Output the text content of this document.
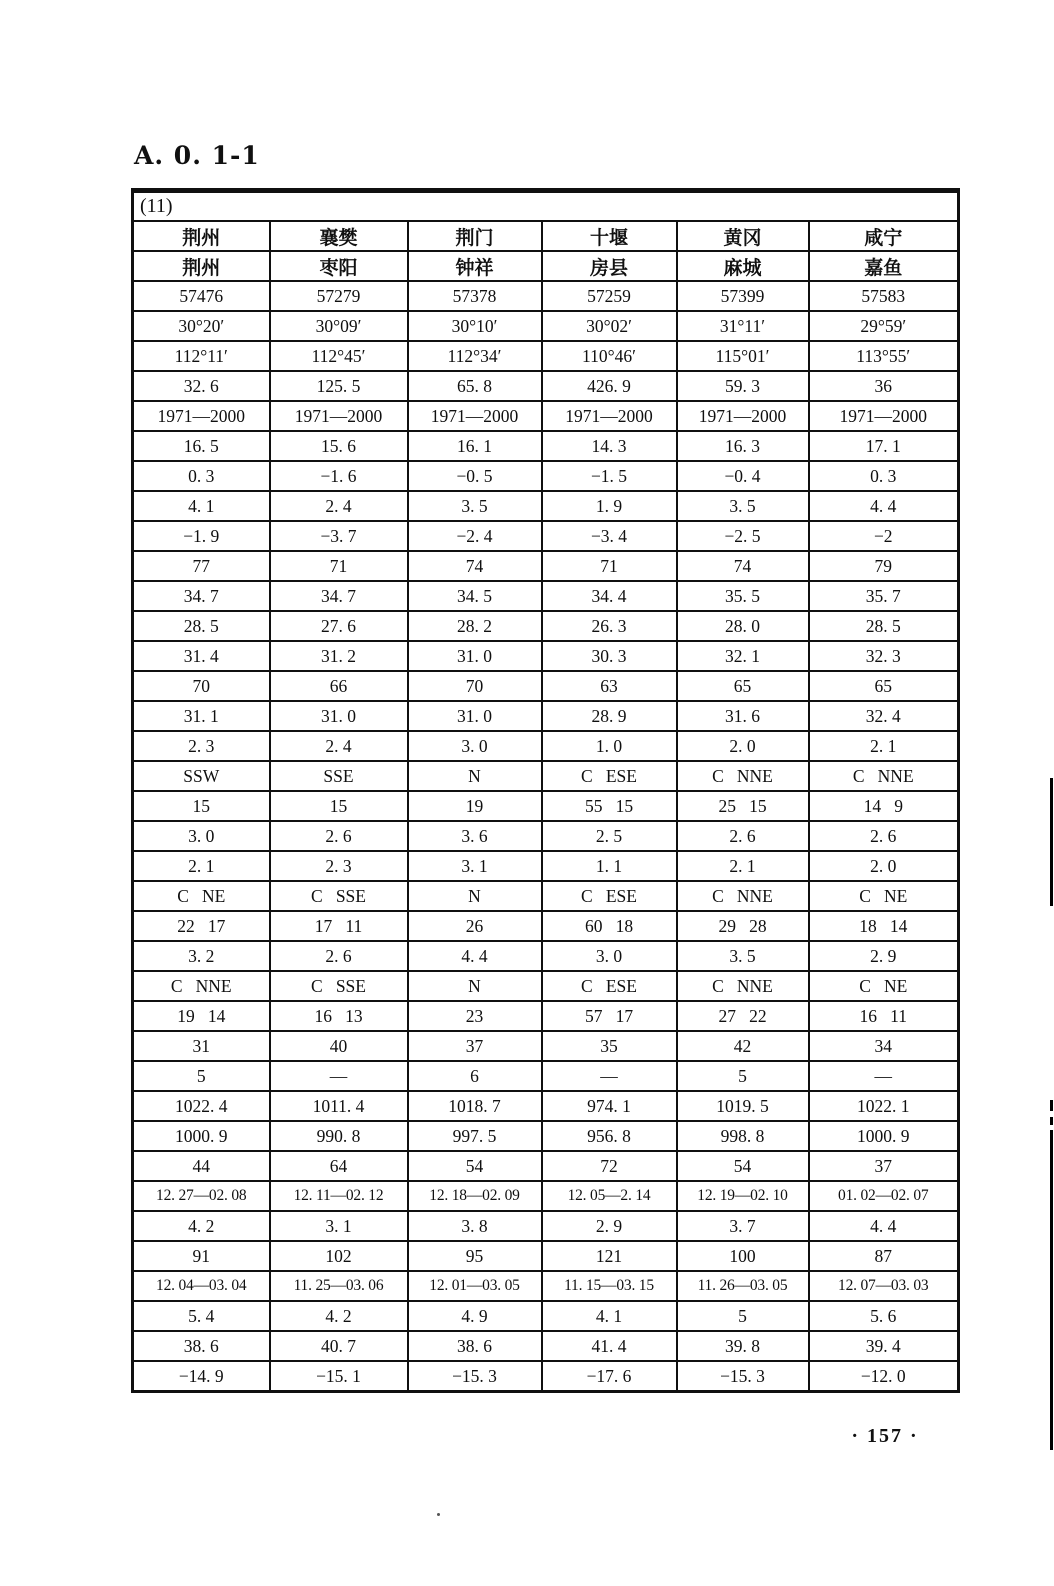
A. 0. 1-1
(11)					
荆州	襄樊	荆门	十堰	黄冈	咸宁
荆州	枣阳	钟祥	房县	麻城	嘉鱼
57476	57279	57378	57259	57399	57583
30°20′	30°09′	30°10′	30°02′	31°11′	29°59′
112°11′	112°45′	112°34′	110°46′	115°01′	113°55′
32. 6	125. 5	65. 8	426. 9	59. 3	36
1971—2000	1971—2000	1971—2000	1971—2000	1971—2000	1971—2000
16. 5	15. 6	16. 1	14. 3	16. 3	17. 1
0. 3	−1. 6	−0. 5	−1. 5	−0. 4	0. 3
4. 1	2. 4	3. 5	1. 9	3. 5	4. 4
−1. 9	−3. 7	−2. 4	−3. 4	−2. 5	−2
77	71	74	71	74	79
34. 7	34. 7	34. 5	34. 4	35. 5	35. 7
28. 5	27. 6	28. 2	26. 3	28. 0	28. 5
31. 4	31. 2	31. 0	30. 3	32. 1	32. 3
70	66	70	63	65	65
31. 1	31. 0	31. 0	28. 9	31. 6	32. 4
2. 3	2. 4	3. 0	1. 0	2. 0	2. 1
SSW	SSE	N	C   ESE	C   NNE	C   NNE
15	15	19	55   15	25   15	14   9
3. 0	2. 6	3. 6	2. 5	2. 6	2. 6
2. 1	2. 3	3. 1	1. 1	2. 1	2. 0
C   NE	C   SSE	N	C   ESE	C   NNE	C   NE
22   17	17   11	26	60   18	29   28	18   14
3. 2	2. 6	4. 4	3. 0	3. 5	2. 9
C   NNE	C   SSE	N	C   ESE	C   NNE	C   NE
19   14	16   13	23	57   17	27   22	16   11
31	40	37	35	42	34
5	—	6	—	5	—
1022. 4	1011. 4	1018. 7	974. 1	1019. 5	1022. 1
1000. 9	990. 8	997. 5	956. 8	998. 8	1000. 9
44	64	54	72	54	37
12. 27—02. 08	12. 11—02. 12	12. 18—02. 09	12. 05—2. 14	12. 19—02. 10	01. 02—02. 07
4. 2	3. 1	3. 8	2. 9	3. 7	4. 4
91	102	95	121	100	87
12. 04—03. 04	11. 25—03. 06	12. 01—03. 05	11. 15—03. 15	11. 26—03. 05	12. 07—03. 03
5. 4	4. 2	4. 9	4. 1	5	5. 6
38. 6	40. 7	38. 6	41. 4	39. 8	39. 4
−14. 9	−15. 1	−15. 3	−17. 6	−15. 3	−12. 0
· 157 ·
